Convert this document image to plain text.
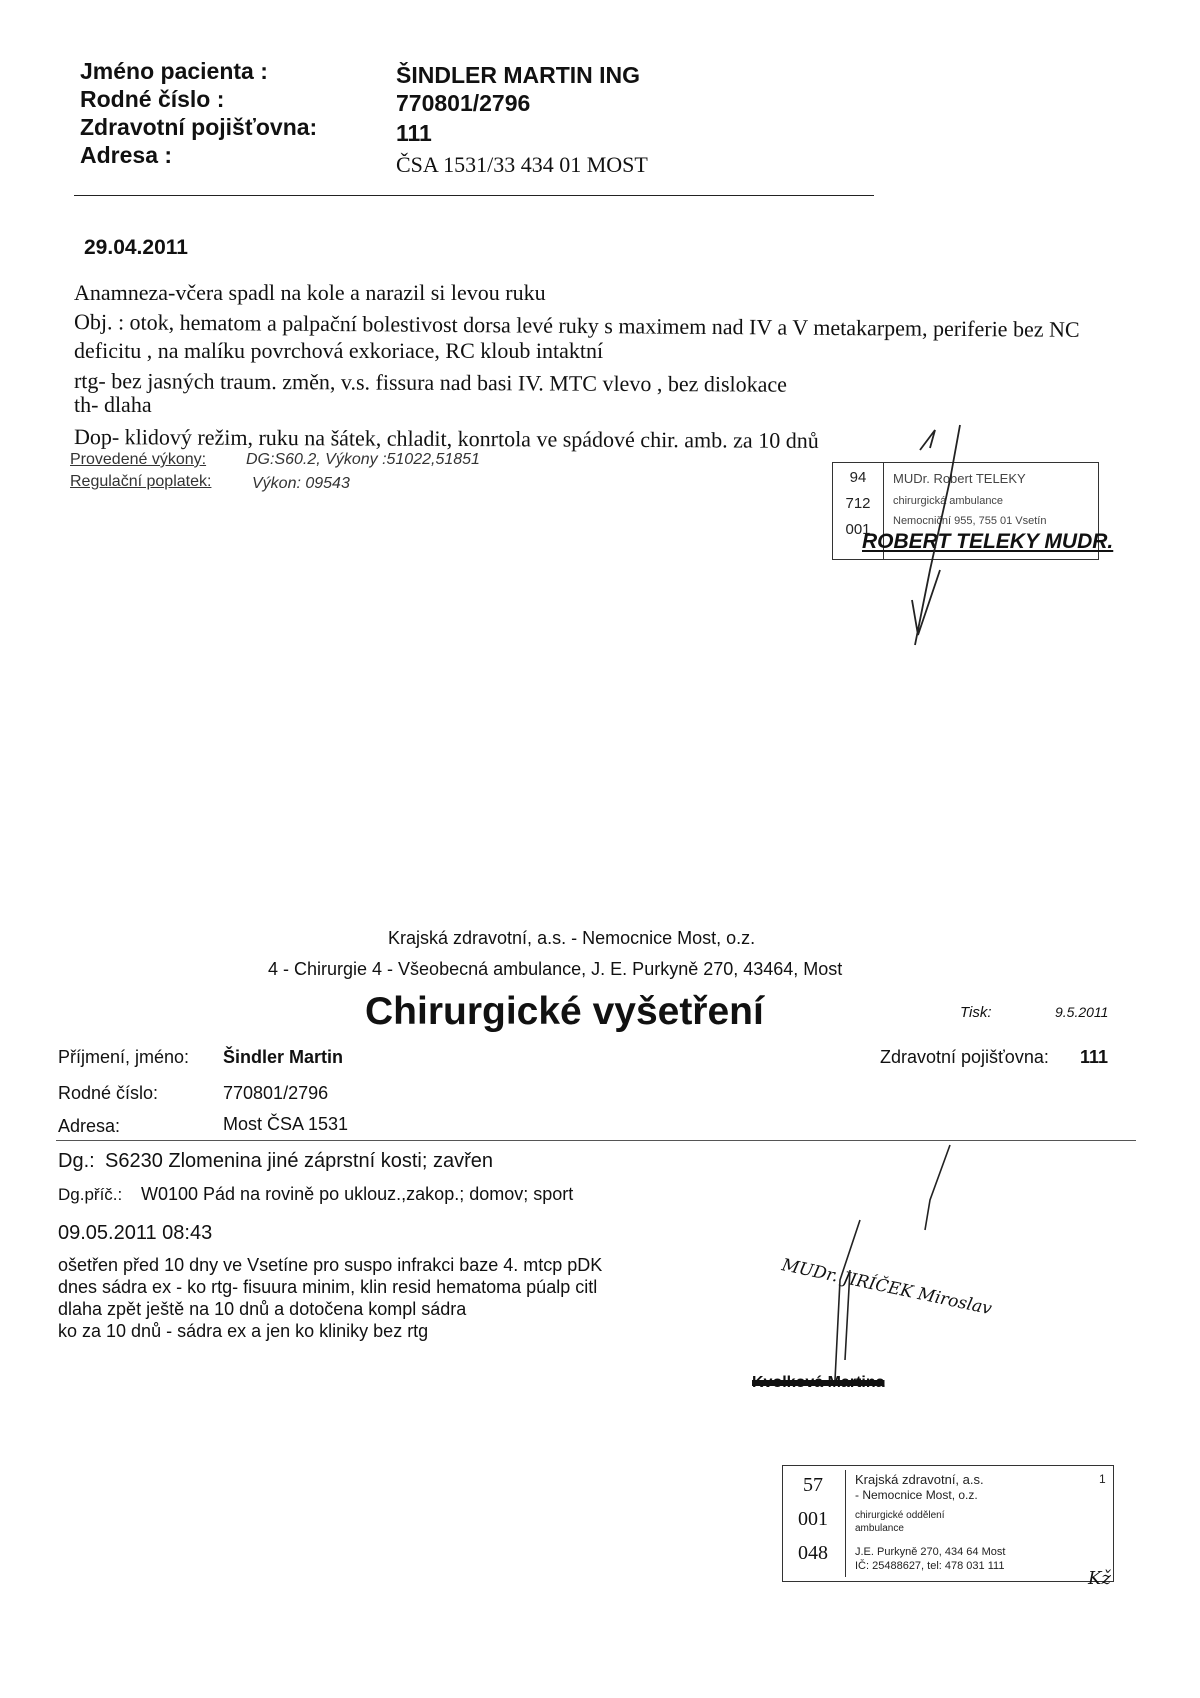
Jméno pacienta :	ŠINDLER MARTIN ING
Rodné číslo :	770801/2796
Zdravotní pojišťovna:	111
Adresa :	ČSA 1531/33 434 01 MOST
29.04.2011
Anamneza-včera spadl na kole a narazil si levou ruku
Obj. : otok, hematom a palpační bolestivost dorsa levé ruky s maximem nad IV a V metakarpem, periferie bez NC
deficitu , na malíku povrchová exkoriace, RC kloub intaktní
rtg- bez jasných traum. změn, v.s. fissura nad basi IV. MTC vlevo , bez dislokace
th- dlaha
Dop- klidový režim, ruku na šátek, chladit, konrtola ve spádové chir. amb. za 10 dnů
Provedené výkony: DG:S60.2, Výkony :51022,51851
Regulační poplatek:	Výkon: 09543	94
712
001
MUDr. Robert TELEKY
chirurgická ambulance
Nemocniční 955, 755 01 Vsetín
ROBERT TELEKY MUDR.
Krajská zdravotní, a.s. - Nemocnice Most, o.z.
4 - Chirurgie 4 - Všeobecná ambulance, J. E. Purkyně 270, 43464, Most
Chirurgické vyšetření	Tisk:	9.5.2011
Příjmení, jméno: Šindler Martin	Zdravotní pojišťovna: 111
Rodné číslo:	770801/2796
Adresa:	Most ČSA 1531
Dg.: S6230 Zlomenina jiné záprstní kosti; zavřen
Dg.příč.: W0100 Pád na rovině po uklouz.,zakop.; domov; sport
09.05.2011 08:43
ošetřen před 10 dny ve Vsetíne pro suspo infrakci baze 4. mtcp pDK
dnes sádra ex - ko rtg- fisuura minim, klin resid hematoma púalp citl
dlaha zpět ještě na 10 dnů a dotočena kompl sádra
ko za 10 dnů - sádra ex a jen ko kliniky bez rtg
MUDr. JIRÍČEK Miroslav
Kvolková Martina
57
001
048
Krajská zdravotní, a.s.
- Nemocnice Most, o.z.
chirurgické oddělení
ambulance
J.E. Purkyně 270, 434 64 Most
IČ: 25488627, tel: 478 031 111
1
Kž
